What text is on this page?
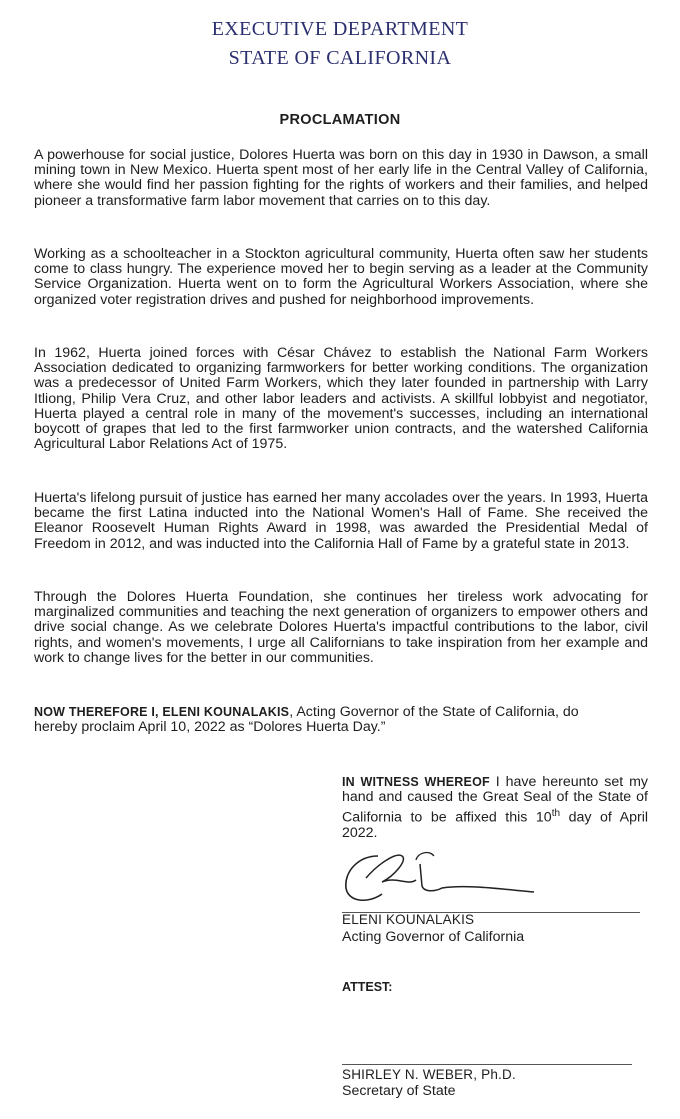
EXECUTIVE DEPARTMENT
STATE OF CALIFORNIA
PROCLAMATION

A powerhouse for social justice, Dolores Huerta was born on this day in 1930 in Dawson, a small mining town in New Mexico. Huerta spent most of her early life in the Central Valley of California, where she would find her passion fighting for the rights of workers and their families, and helped pioneer a transformative farm labor movement that carries on to this day.

Working as a schoolteacher in a Stockton agricultural community, Huerta often saw her students come to class hungry. The experience moved her to begin serving as a leader at the Community Service Organization. Huerta went on to form the Agricultural Workers Association, where she organized voter registration drives and pushed for neighborhood improvements.

In 1962, Huerta joined forces with César Chávez to establish the National Farm Workers Association dedicated to organizing farmworkers for better working conditions. The organization was a predecessor of United Farm Workers, which they later founded in partnership with Larry Itliong, Philip Vera Cruz, and other labor leaders and activists. A skillful lobbyist and negotiator, Huerta played a central role in many of the movement's successes, including an international boycott of grapes that led to the first farmworker union contracts, and the watershed California Agricultural Labor Relations Act of 1975.

Huerta's lifelong pursuit of justice has earned her many accolades over the years. In 1993, Huerta became the first Latina inducted into the National Women's Hall of Fame. She received the Eleanor Roosevelt Human Rights Award in 1998, was awarded the Presidential Medal of Freedom in 2012, and was inducted into the California Hall of Fame by a grateful state in 2013.

Through the Dolores Huerta Foundation, she continues her tireless work advocating for marginalized communities and teaching the next generation of organizers to empower others and drive social change. As we celebrate Dolores Huerta's impactful contributions to the labor, civil rights, and women's movements, I urge all Californians to take inspiration from her example and work to change lives for the better in our communities.

NOW THEREFORE I, ELENI KOUNALAKIS, Acting Governor of the State of California, do hereby proclaim April 10, 2022 as “Dolores Huerta Day.”

IN WITNESS WHEREOF I have hereunto set my hand and caused the Great Seal of the State of California to be affixed this 10th day of April 2022.
ELENI KOUNALAKIS
Acting Governor of California
ATTEST:
SHIRLEY N. WEBER, Ph.D.
Secretary of State
